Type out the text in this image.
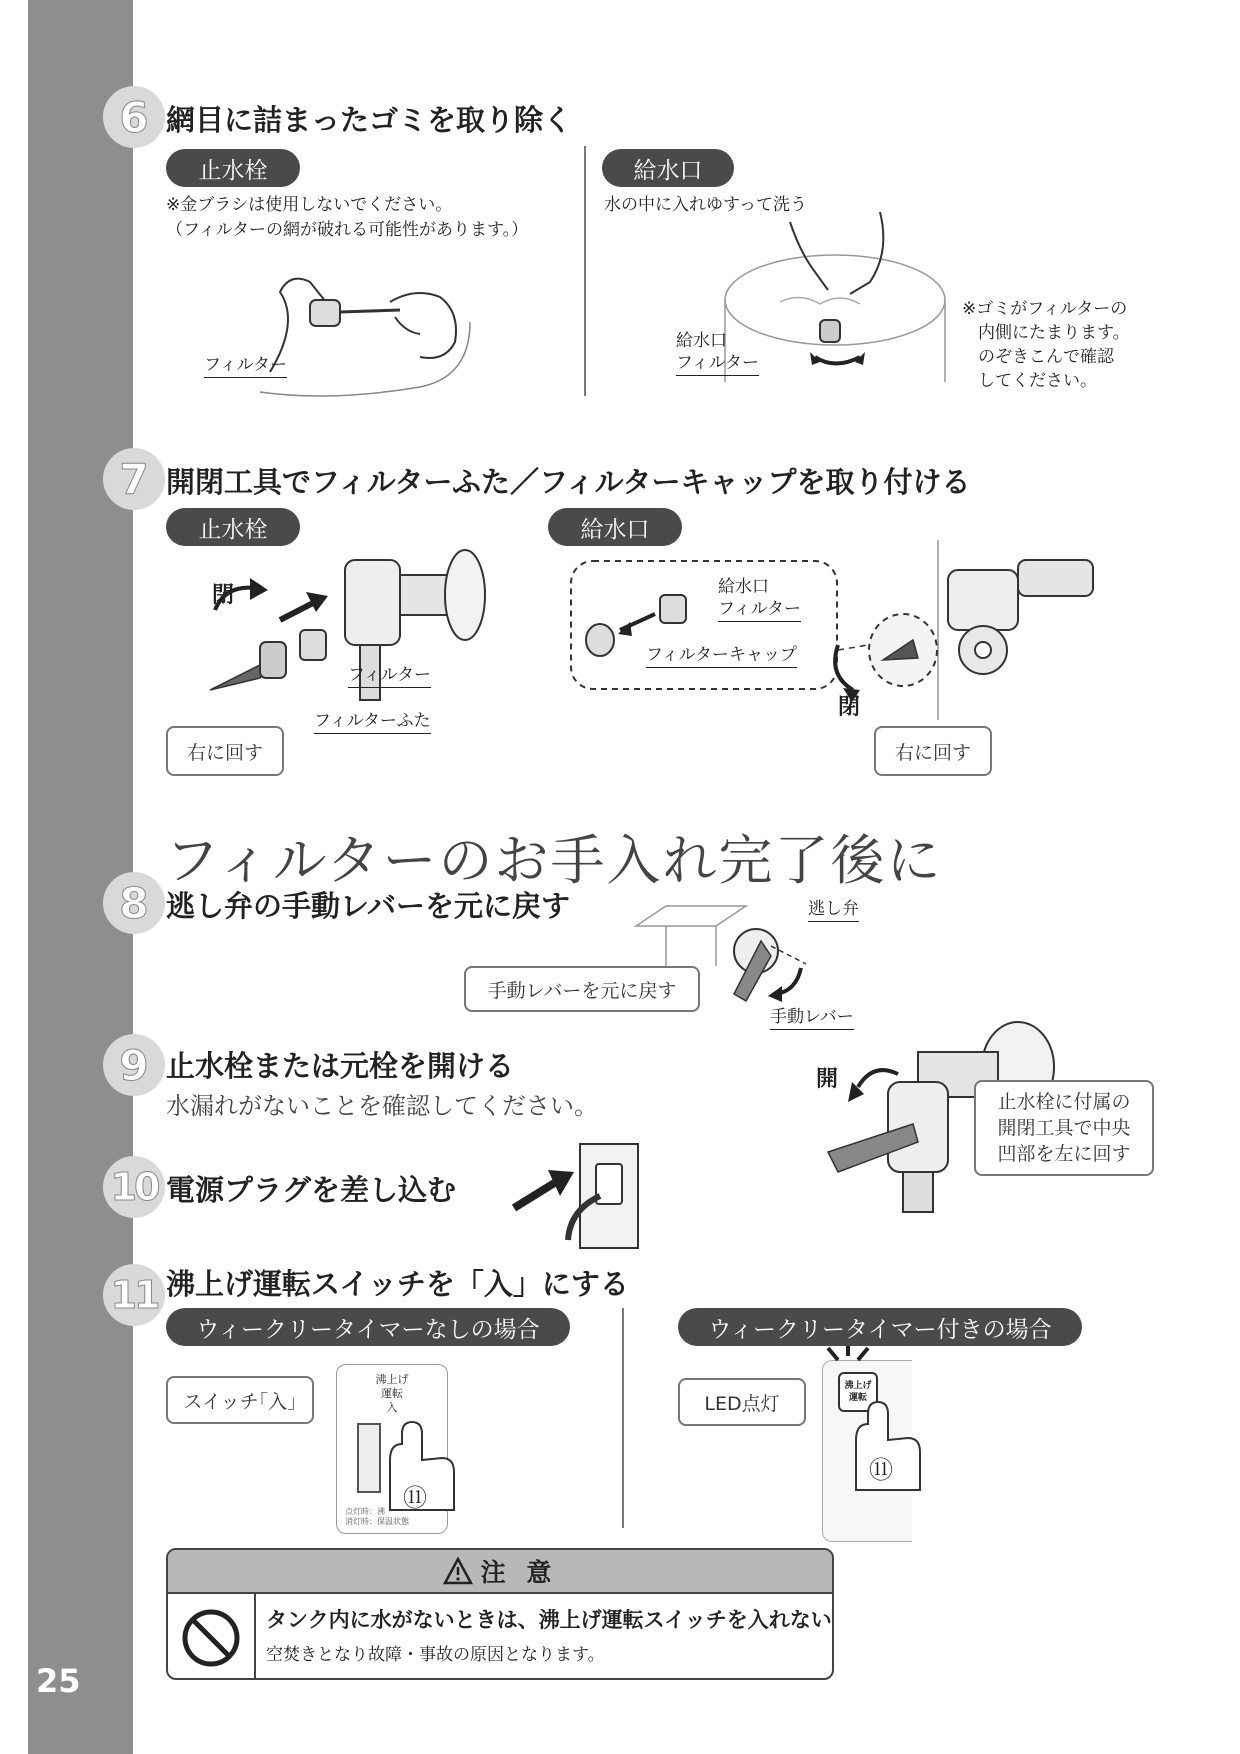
25
6 網目に詰まったゴミを取り除く
止水栓
※金ブラシは使用しないでください。
（フィルターの網が破れる可能性があります。）
フィルター
給水口
水の中に入れゆすって洗う
給水口
フィルター
※ゴミがフィルターの
内側にたまります。
のぞきこんで確認
してください。
7 開閉工具でフィルターふた／フィルターキャップを取り付ける
止水栓
閉
フィルター
フィルターふた
右に回す
給水口
給水口
フィルター
フィルターキャップ
閉
右に回す
フィルターのお手入れ完了後に
8 逃し弁の手動レバーを元に戻す	逃し弁
手動レバーを元に戻す
手動レバー
9 止水栓または元栓を開ける
水漏れがないことを確認してください。
開
止水栓に付属の
開閉工具で中央
凹部を左に回す
10 電源プラグを差し込む
11 沸上げ運転スイッチを「入」にする
ウィークリータイマーなしの場合
スイッチ｢入｣
沸上げ
運転
入
点灯時：沸
消灯時：保温状態
⑪
ウィークリータイマー付きの場合
LED点灯
沸上げ
運転
⑪
注 意
タンク内に水がないときは、沸上げ運転スイッチを入れない
空焚きとなり故障・事故の原因となります。
